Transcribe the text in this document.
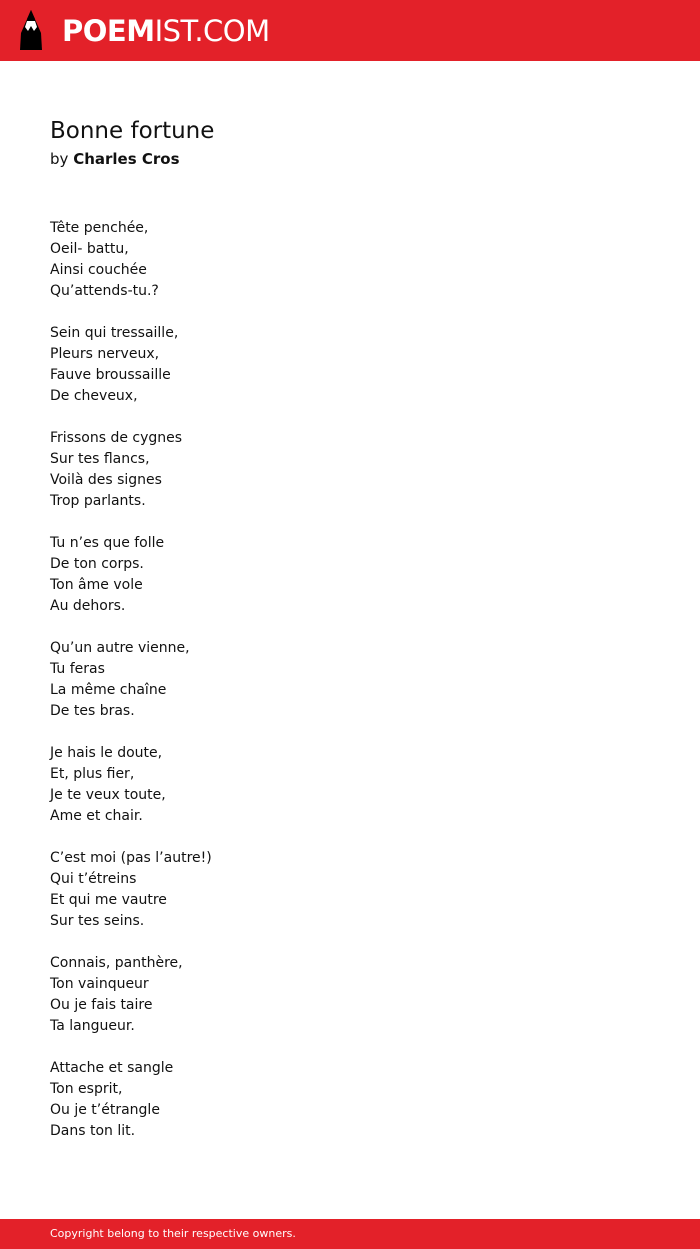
POEMIST.COM
Bonne fortune
by Charles Cros
Tête penchée,
Oeil- battu,
Ainsi couchée
Qu’attends-tu.?
Sein qui tressaille,
Pleurs nerveux,
Fauve broussaille
De cheveux,
Frissons de cygnes
Sur tes flancs,
Voilà des signes
Trop parlants.
Tu n’es que folle
De ton corps.
Ton âme vole
Au dehors.
Qu’un autre vienne,
Tu feras
La même chaîne
De tes bras.
Je hais le doute,
Et, plus fier,
Je te veux toute,
Ame et chair.
C’est moi (pas l’autre!)
Qui t’étreins
Et qui me vautre
Sur tes seins.
Connais, panthère,
Ton vainqueur
Ou je fais taire
Ta langueur.
Attache et sangle
Ton esprit,
Ou je t’étrangle
Dans ton lit.
Copyright belong to their respective owners.
